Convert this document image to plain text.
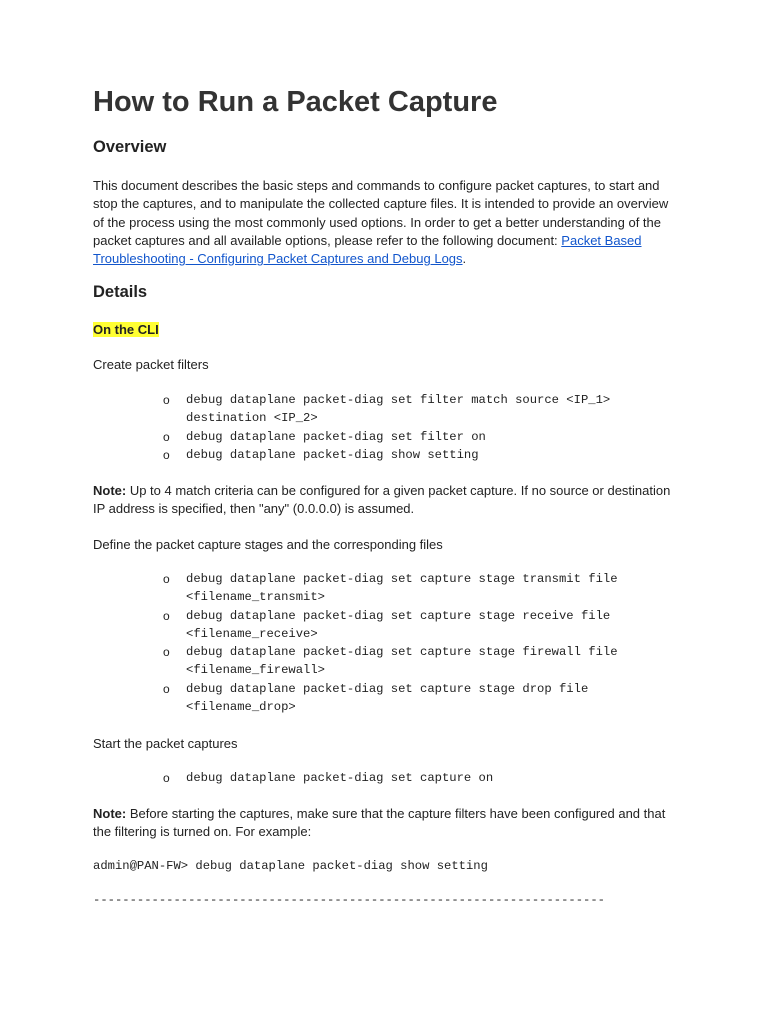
How to Run a Packet Capture
Overview

This document describes the basic steps and commands to configure packet captures, to start and stop the captures, and to manipulate the collected capture files. It is intended to provide an overview of the process using the most commonly used options. In order to get a better understanding of the packet captures and all available options, please refer to the following document: Packet Based Troubleshooting - Configuring Packet Captures and Debug Logs.

Details

On the CLI

Create packet filters

o debug dataplane packet-diag set filter match source <IP_1> destination <IP_2>
o debug dataplane packet-diag set filter on
o debug dataplane packet-diag show setting

Note: Up to 4 match criteria can be configured for a given packet capture. If no source or destination IP address is specified, then "any" (0.0.0.0) is assumed.

Define the packet capture stages and the corresponding files

o debug dataplane packet-diag set capture stage transmit file <filename_transmit>
o debug dataplane packet-diag set capture stage receive file <filename_receive>
o debug dataplane packet-diag set capture stage firewall file <filename_firewall>
o debug dataplane packet-diag set capture stage drop file <filename_drop>

Start the packet captures

o debug dataplane packet-diag set capture on

Note: Before starting the captures, make sure that the capture filters have been configured and that the filtering is turned on. For example:

admin@PAN-FW> debug dataplane packet-diag show setting

----------------------------------------------------------------------
